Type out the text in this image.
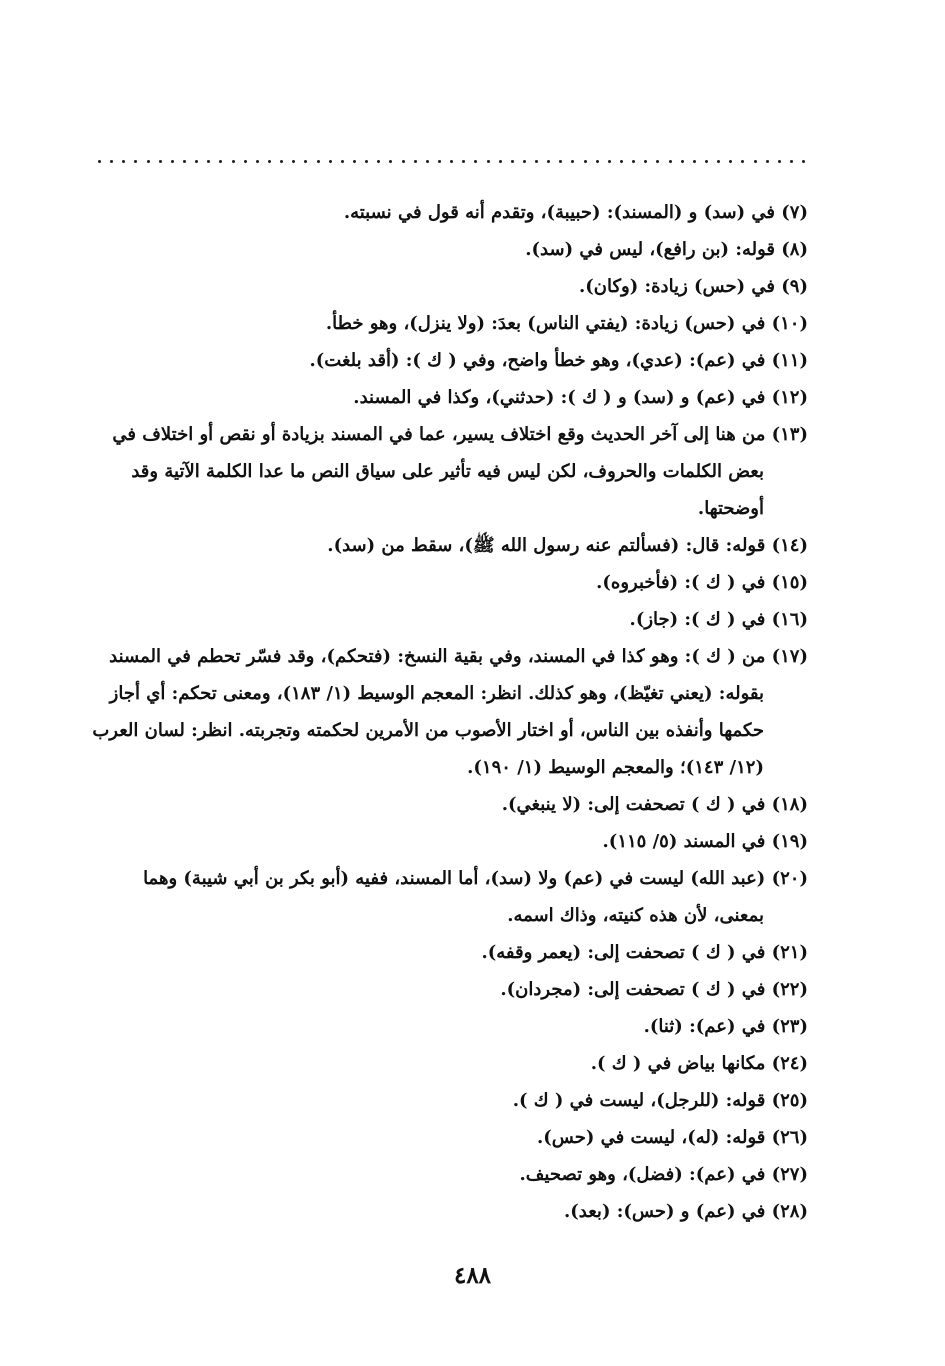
(٧) في (سد) و (المسند): (حبيبة)، وتقدم أنه قول في نسبته.
(٨) قوله: (بن رافع)، ليس في (سد).
(٩) في (حس) زيادة: (وكان).
(١٠) في (حس) زيادة: (يفتي الناس) بعدَ: (ولا ينزل)، وهو خطأ.
(١١) في (عم): (عدي)، وهو خطأ واضح، وفي ( ك ): (أقد بلغت).
(١٢) في (عم) و (سد) و ( ك ): (حدثني)، وكذا في المسند.
(١٣) من هنا إلى آخر الحديث وقع اختلاف يسير، عما في المسند بزيادة أو نقص أو اختلاف في بعض الكلمات والحروف، لكن ليس فيه تأثير على سياق النص ما عدا الكلمة الآتية وقد أوضحتها.
(١٤) قوله: قال: (فسألتم عنه رسول الله ﷺ)، سقط من (سد).
(١٥) في ( ك ): (فأخبروه).
(١٦) في ( ك ): (جاز).
(١٧) من ( ك ): وهو كذا في المسند، وفي بقية النسخ: (فتحكم)، وقد فسّر تحطم في المسند بقوله: (يعني تغيّظ)، وهو كذلك. انظر: المعجم الوسيط (١/ ١٨٣)، ومعنى تحكم: أي أجاز حكمها وأنفذه بين الناس، أو اختار الأصوب من الأمرين لحكمته وتجربته. انظر: لسان العرب (١٢/ ١٤٣)؛ والمعجم الوسيط (١/ ١٩٠).
(١٨) في ( ك ) تصحفت إلى: (لا ينبغي).
(١٩) في المسند (٥/ ١١٥).
(٢٠) (عبد الله) ليست في (عم) ولا (سد)، أما المسند، ففيه (أبو بكر بن أبي شيبة) وهما بمعنى، لأن هذه كنيته، وذاك اسمه.
(٢١) في ( ك ) تصحفت إلى: (يعمر وقفه).
(٢٢) في ( ك ) تصحفت إلى: (مجردان).
(٢٣) في (عم): (ثنا).
(٢٤) مكانها بياض في ( ك ).
(٢٥) قوله: (للرجل)، ليست في ( ك ).
(٢٦) قوله: (له)، ليست في (حس).
(٢٧) في (عم): (فضل)، وهو تصحيف.
(٢٨) في (عم) و (حس): (بعد).
٤٨٨
